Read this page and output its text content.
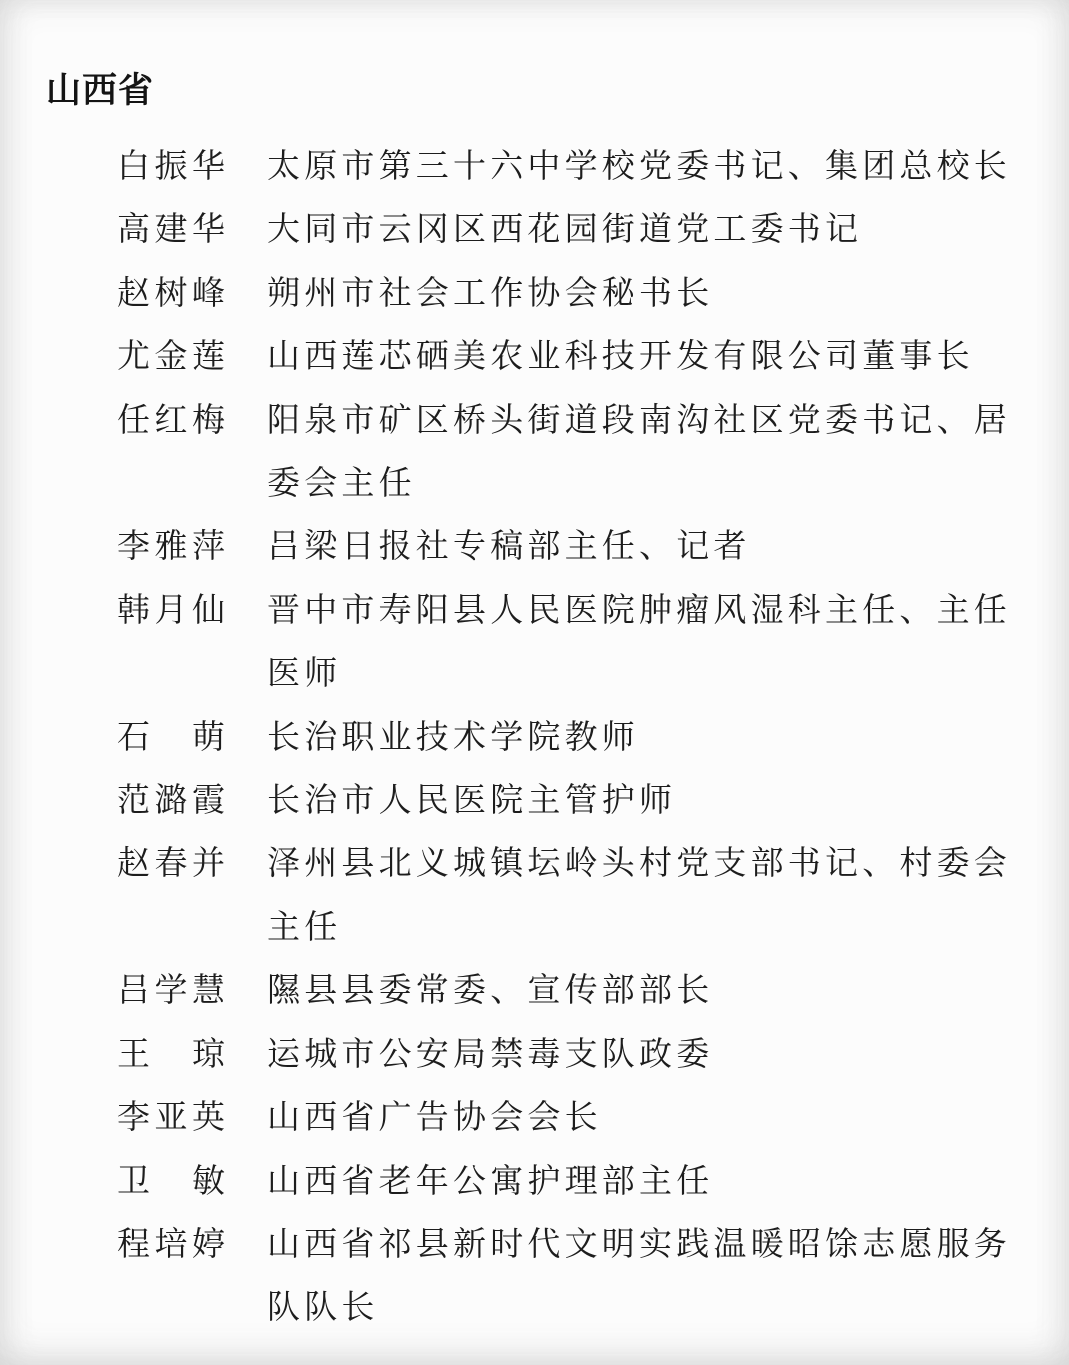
山西省
白 振 华 太原市第三十六中学校党委书记、集团总校长
高 建 华 大同市云冈区西花园街道党工委书记
赵 树 峰 朔州市社会工作协会秘书长
尤 金 莲 山西莲芯硒美农业科技开发有限公司董事长
任 红 梅 阳泉市矿区桥头街道段南沟社区党委书记、居委会主任
李 雅 萍 吕梁日报社专稿部主任、记者
韩 月 仙 晋中市寿阳县人民医院肿瘤风湿科主任、主任医师
石 萌 长治职业技术学院教师
范 潞 霞 长治市人民医院主管护师
赵 春 并 泽州县北义城镇坛岭头村党支部书记、村委会主任
吕 学 慧 隰县县委常委、宣传部部长
王 琼 运城市公安局禁毒支队政委
李 亚 英 山西省广告协会会长
卫 敏 山西省老年公寓护理部主任
程 培 婷 山西省祁县新时代文明实践温暖昭馀志愿服务队队长
